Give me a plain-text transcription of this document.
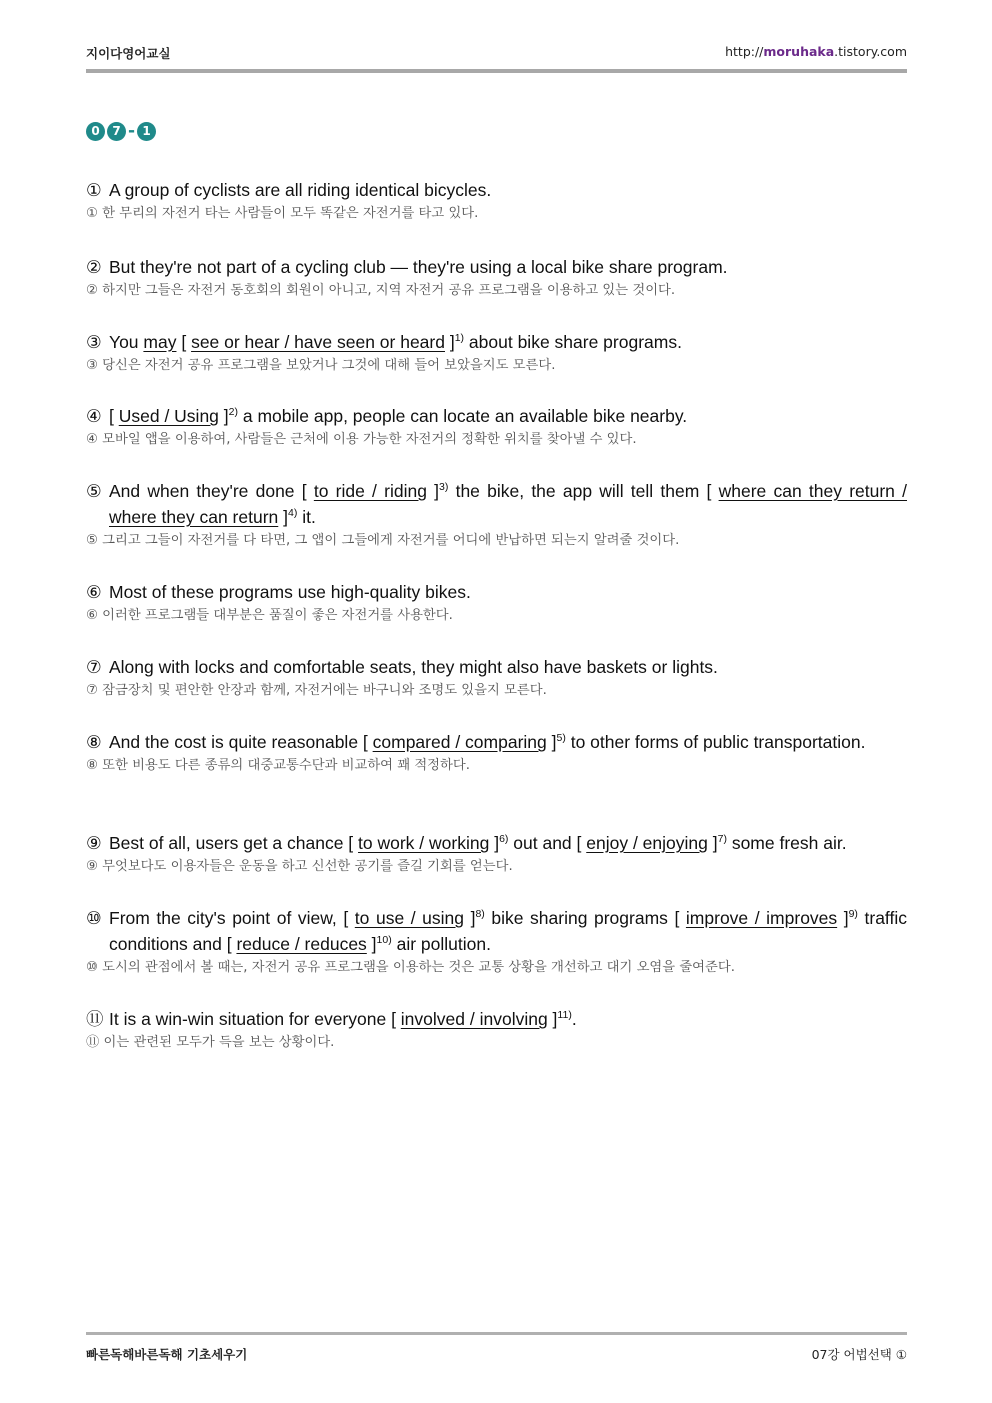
지이다영어교실	http://moruhaka.tistory.com
0	7 - 1
① A group of cyclists are all riding identical bicycles.
① 한 무리의 자전거 타는 사람들이 모두 똑같은 자전거를 타고 있다.
② But they're not part of a cycling club — they're using a local bike share program.
② 하지만 그들은 자전거 동호회의 회원이 아니고, 지역 자전거 공유 프로그램을 이용하고 있는 것이다.
③ You may [ see or hear / have seen or heard ]$^{1)}$ about bike share programs.
③ 당신은 자전거 공유 프로그램을 보았거나 그것에 대해 들어 보았을지도 모른다.
④ [ Used / Using ]$^{2)}$ a mobile app, people can locate an available bike nearby.
④ 모바일 앱을 이용하여, 사람들은 근처에 이용 가능한 자전거의 정확한 위치를 찾아낼 수 있다.
⑤ And when they're done [ to ride / riding ]$^{3)}$ the bike, the app will tell them [ where can they return / where they can return ]$^{4)}$ it.
⑤ 그리고 그들이 자전거를 다 타면, 그 앱이 그들에게 자전거를 어디에 반납하면 되는지 알려줄 것이다.
⑥ Most of these programs use high-quality bikes.
⑥ 이러한 프로그램들 대부분은 품질이 좋은 자전거를 사용한다.
⑦ Along with locks and comfortable seats, they might also have baskets or lights.
⑦ 잠금장치 및 편안한 안장과 함께, 자전거에는 바구니와 조명도 있을지 모른다.
⑧ And the cost is quite reasonable [ compared / comparing ]$^{5)}$ to other forms of public transportation.
⑧ 또한 비용도 다른 종류의 대중교통수단과 비교하여 꽤 적정하다.
⑨ Best of all, users get a chance [ to work / working ]$^{6)}$ out and [ enjoy / enjoying ]$^{7)}$ some fresh air.
⑨ 무엇보다도 이용자들은 운동을 하고 신선한 공기를 즐길 기회를 얻는다.
⑩ From the city's point of view, [ to use / using ]$^{8)}$ bike sharing programs [ improve / improves ]$^{9)}$ traffic conditions and [ reduce / reduces ]$^{10)}$ air pollution.
⑩ 도시의 관점에서 볼 때는, 자전거 공유 프로그램을 이용하는 것은 교통 상황을 개선하고 대기 오염을 줄여준다.
⑪ It is a win-win situation for everyone [ involved / involving ]$^{11)}$.
⑪ 이는 관련된 모두가 득을 보는 상황이다.
빠른독해바른독해 기초세우기	07강 어법선택 ①
